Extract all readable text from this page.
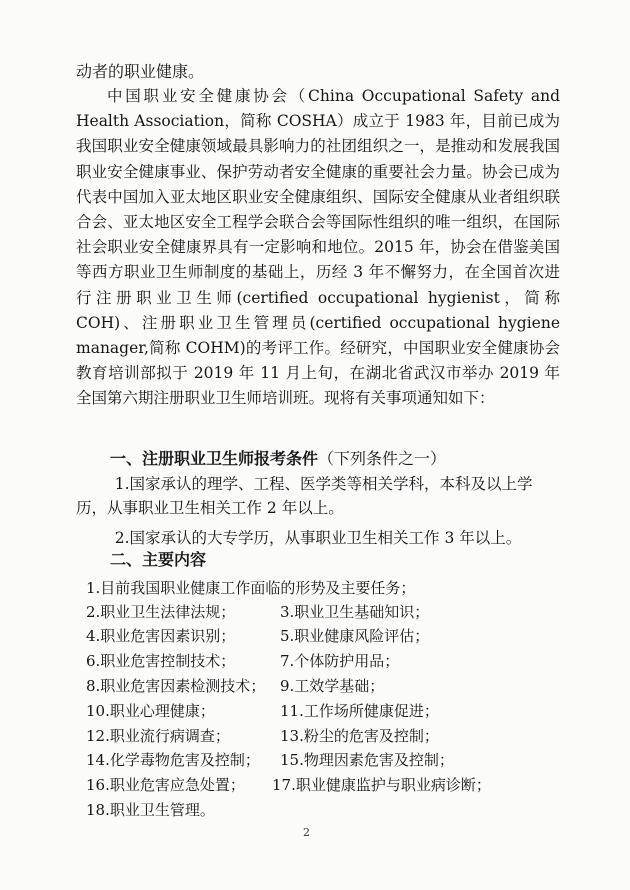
动者的职业健康。

中国职业安全健康协会（China Occupational Safety and Health Association，简称 COSHA）成立于 1983 年，目前已成为我国职业安全健康领域最具影响力的社团组织之一，是推动和发展我国职业安全健康事业、保护劳动者安全健康的重要社会力量。协会已成为代表中国加入亚太地区职业安全健康组织、国际安全健康从业者组织联合会、亚太地区安全工程学会联合会等国际性组织的唯一组织，在国际社会职业安全健康界具有一定影响和地位。2015 年，协会在借鉴美国等西方职业卫生师制度的基础上，历经 3 年不懈努力，在全国首次进行注册职业卫生师(certified occupational hygienist，简称 COH)、注册职业卫生管理员(certified occupational hygiene manager,简称 COHM)的考评工作。经研究，中国职业安全健康协会教育培训部拟于 2019 年 11 月上旬，在湖北省武汉市举办 2019 年全国第六期注册职业卫生师培训班。现将有关事项通知如下：

一、注册职业卫生师报考条件（下列条件之一）

1.国家承认的理学、工程、医学类等相关学科，本科及以上学历，从事职业卫生相关工作 2 年以上。

2.国家承认的大专学历，从事职业卫生相关工作 3 年以上。

二、主要内容
1.目前我国职业健康工作面临的形势及主要任务；
2.职业卫生法律法规；	3.职业卫生基础知识；
4.职业危害因素识别；	5.职业健康风险评估；
6.职业危害控制技术；	7.个体防护用品；
8.职业危害因素检测技术； 9.工效学基础；
10.职业心理健康；	11.工作场所健康促进；
12.职业流行病调查；	13.粉尘的危害及控制；
14.化学毒物危害及控制； 15.物理因素危害及控制；
16.职业危害应急处置； 17.职业健康监护与职业病诊断；
18.职业卫生管理。
2
